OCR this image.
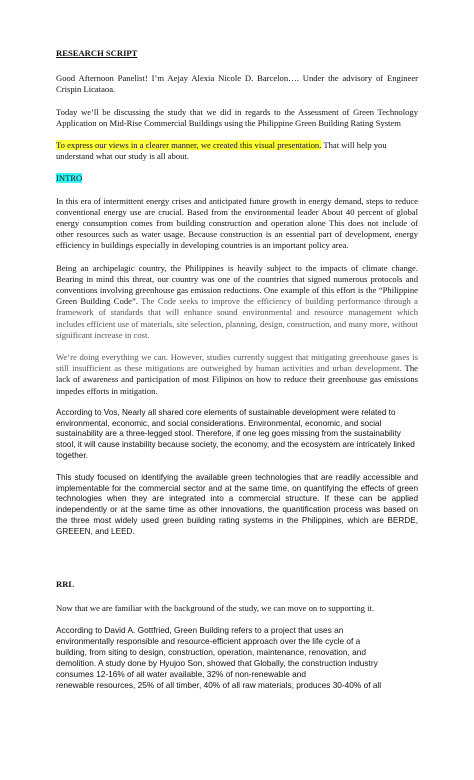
RESEARCH SCRIPT

Good Afternoon Panelist! I’m Aejay Alexia Nicole D. Barcelon…. Under the advisory of Engineer Crispin Licataoa.

Today we’ll be discussing the study that we did in regards to the Assessment of Green Technology Application on Mid-Rise Commercial Buildings using the Philippine Green Building Rating System

To express our views in a clearer manner, we created this visual presentation. That will help you understand what our study is all about.

INTRO

In this era of intermittent energy crises and anticipated future growth in energy demand, steps to reduce conventional energy use are crucial. Based from the environmental leader About 40 percent of global energy consumption comes from building construction and operation alone This does not include of other resources such as water usage. Because construction is an essential part of development, energy efficiency in buildings especially in developing countries is an important policy area.

Being an archipelagic country, the Philippines is heavily subject to the impacts of climate change. Bearing in mind this threat, our country was one of the countries that signed numerous protocols and conventions involving greenhouse gas emission reductions. One example of this effort is the “Philippine Green Building Code”. The Code seeks to improve the efficiency of building performance through a framework of standards that will enhance sound environmental and resource management which includes efficient use of materials, site selection, planning, design, construction, and many more, without significant increase in cost.

We’re doing everything we can. However, studies currently suggest that mitigating greenhouse gases is still insufficient as these mitigations are outweighed by human activities and urban development. The lack of awareness and participation of most Filipinos on how to reduce their greenhouse gas emissions impedes efforts in mitigation.

According to Vos, Nearly all shared core elements of sustainable development were related to environmental, economic, and social considerations. Environmental, economic, and social sustainability are a three-legged stool. Therefore, if one leg goes missing from the sustainability stool, it will cause instability because society, the economy, and the ecosystem are intricately linked together.

This study focused on identifying the available green technologies that are readily accessible and implementable for the commercial sector and at the same time, on quantifying the effects of green technologies when they are integrated into a commercial structure. If these can be applied independently or at the same time as other innovations, the quantification process was based on the three most widely used green building rating systems in the Philippines, which are BERDE, GREEEN, and LEED.

RRL

Now that we are familiar with the background of the study, we can move on to supporting it.

According to David A. Gottfried, Green Building refers to a project that uses an
environmentally responsible and resource-efficient approach over the life cycle of a
building, from siting to design, construction, operation, maintenance, renovation, and
demolition. A study done by Hyujoo Son, showed that Globally, the construction industry
consumes 12-16% of all water available, 32% of non-renewable and
renewable resources, 25% of all timber, 40% of all raw materials, produces 30-40% of all
